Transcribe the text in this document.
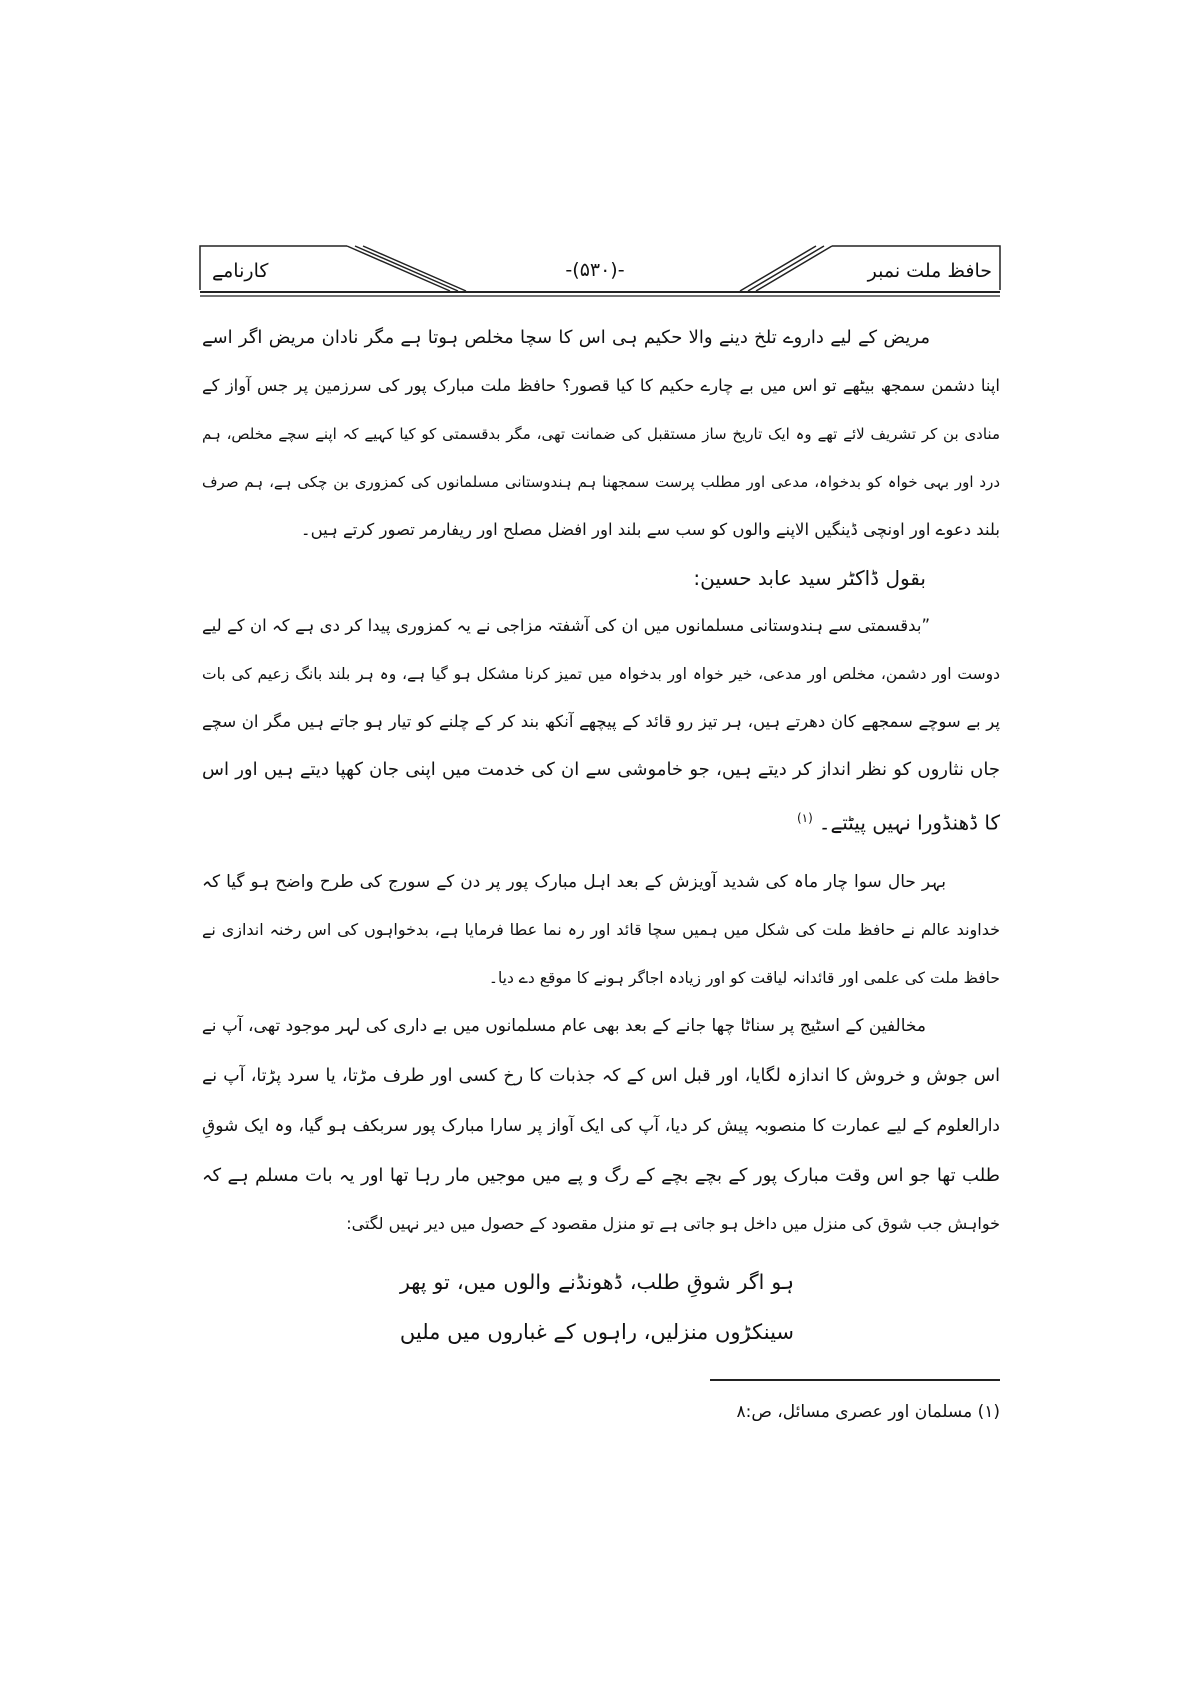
کارنامے	-(۵۳۰)-	حافظ ملت نمبر
مریض کے لیے داروے تلخ دینے والا حکیم ہی اس کا سچا مخلص ہوتا ہے مگر نادان مریض اگر اسے
اپنا دشمن سمجھ بیٹھے تو اس میں بے چارے حکیم کا کیا قصور؟ حافظ ملت مبارک پور کی سرزمین پر جس آواز کے
منادی بن کر تشریف لائے تھے وہ ایک تاریخ ساز مستقبل کی ضمانت تھی، مگر بدقسمتی کو کیا کہیے کہ اپنے سچے مخلص، ہم
درد اور بہی خواہ کو بدخواہ، مدعی اور مطلب پرست سمجھنا ہم ہندوستانی مسلمانوں کی کمزوری بن چکی ہے، ہم صرف
بلند دعوے اور اونچی ڈینگیں الاپنے والوں کو سب سے بلند اور افضل مصلح اور ریفارمر تصور کرتے ہیں۔
بقول ڈاکٹر سید عابد حسین:
”بدقسمتی سے ہندوستانی مسلمانوں میں ان کی آشفتہ مزاجی نے یہ کمزوری پیدا کر دی ہے کہ ان کے لیے
دوست اور دشمن، مخلص اور مدعی، خیر خواہ اور بدخواہ میں تمیز کرنا مشکل ہو گیا ہے، وہ ہر بلند بانگ زعیم کی بات
پر بے سوچے سمجھے کان دھرتے ہیں، ہر تیز رو قائد کے پیچھے آنکھ بند کر کے چلنے کو تیار ہو جاتے ہیں مگر ان سچے
جاں نثاروں کو نظر انداز کر دیتے ہیں، جو خاموشی سے ان کی خدمت میں اپنی جان کھپا دیتے ہیں اور اس
کا ڈھنڈورا نہیں پیٹتے۔$^{(۱)}$
بہر حال سوا چار ماہ کی شدید آویزش کے بعد اہل مبارک پور پر دن کے سورج کی طرح واضح ہو گیا کہ
خداوند عالم نے حافظ ملت کی شکل میں ہمیں سچا قائد اور رہ نما عطا فرمایا ہے، بدخواہوں کی اس رخنہ اندازی نے
حافظ ملت کی علمی اور قائدانہ لیاقت کو اور زیادہ اجاگر ہونے کا موقع دے دیا۔
مخالفین کے اسٹیج پر سناٹا چھا جانے کے بعد بھی عام مسلمانوں میں بے داری کی لہر موجود تھی، آپ نے
اس جوش و خروش کا اندازہ لگایا، اور قبل اس کے کہ جذبات کا رخ کسی اور طرف مڑتا، یا سرد پڑتا، آپ نے
دارالعلوم کے لیے عمارت کا منصوبہ پیش کر دیا، آپ کی ایک آواز پر سارا مبارک پور سربکف ہو گیا، وہ ایک شوقِ
طلب تھا جو اس وقت مبارک پور کے بچے بچے کے رگ و پے میں موجیں مار رہا تھا اور یہ بات مسلم ہے کہ
خواہش جب شوق کی منزل میں داخل ہو جاتی ہے تو منزل مقصود کے حصول میں دیر نہیں لگتی:
ہو اگر شوقِ طلب، ڈھونڈنے والوں میں، تو پھر
سینکڑوں منزلیں، راہوں کے غباروں میں ملیں
(۱) مسلمان اور عصری مسائل، ص:۸
